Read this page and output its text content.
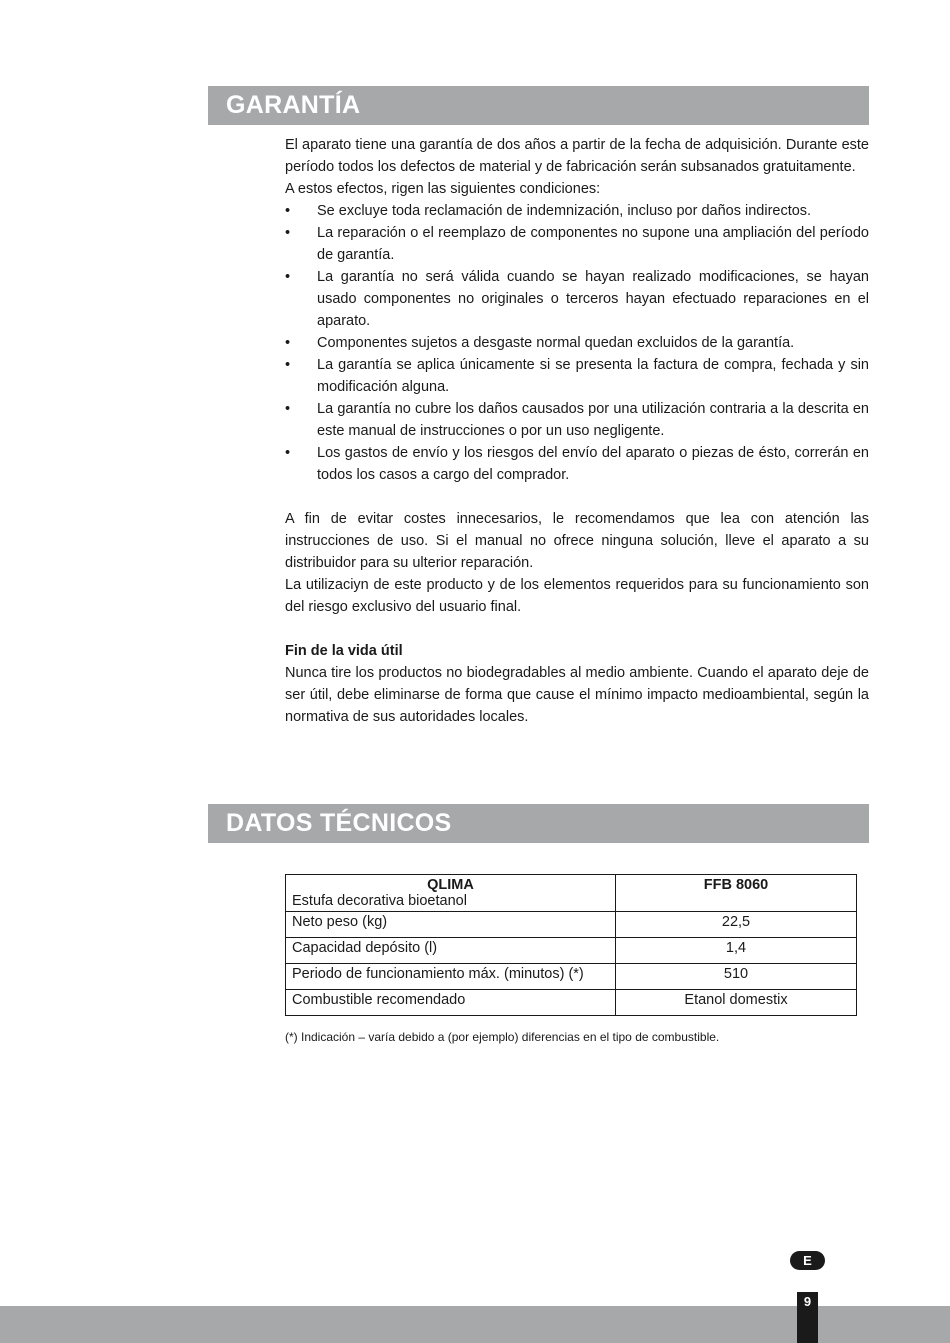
GARANTÍA

El aparato tiene una garantía de dos años a partir de la fecha de adquisición. Durante este período todos los defectos de material y de fabricación serán subsanados gratuitamente.

A estos efectos, rigen las siguientes condiciones:

• Se excluye toda reclamación de indemnización, incluso por daños indirectos.
• La reparación o el reemplazo de componentes no supone una ampliación del período de garantía.
• La garantía no será válida cuando se hayan realizado modificaciones, se hayan usado componentes no originales o terceros hayan efectuado reparaciones en el aparato.
• Componentes sujetos a desgaste normal quedan excluidos de la garantía.
• La garantía se aplica únicamente si se presenta la factura de compra, fechada y sin modificación alguna.
• La garantía no cubre los daños causados por una utilización contraria a la descrita en este manual de instrucciones o por un uso negligente.
• Los gastos de envío y los riesgos del envío del aparato o piezas de ésto, correrán en todos los casos a cargo del comprador.

A fin de evitar costes innecesarios, le recomendamos que lea con atención las instrucciones de uso. Si el manual no ofrece ninguna solución, lleve el aparato a su distribuidor para su ulterior reparación.

La utilizaciyn de este producto y de los elementos requeridos para su funcionamiento son del riesgo exclusivo del usuario final.

Fin de la vida útil

Nunca tire los productos no biodegradables al medio ambiente. Cuando el aparato deje de ser útil, debe eliminarse de forma que cause el mínimo impacto medioambiental, según la normativa de sus autoridades locales.

DATOS TÉCNICOS
QLIMA
Estufa decorativa bioetanol	FFB 8060
Neto peso (kg)	22,5
Capacidad depósito (l)	1,4
Periodo de funcionamiento máx. (minutos) (*)	510
Combustible recomendado	Etanol domestix
(*) Indicación – varía debido a (por ejemplo) diferencias en el tipo de combustible.
E
9
